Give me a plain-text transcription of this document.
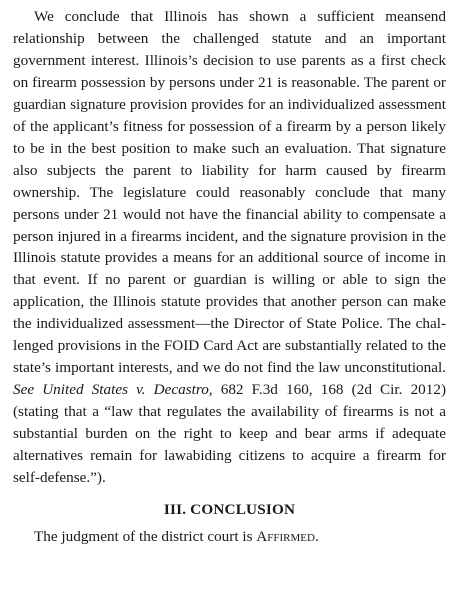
We conclude that Illinois has shown a sufficient meansend relationship between the challenged statute and an important government interest. Illinois’s decision to use parents as a first check on firearm possession by persons under 21 is reasonable. The parent or guardian signature provision provides for an individualized assessment of the applicant’s fitness for possession of a firearm by a person likely to be in the best position to make such an evaluation. That signature also subjects the parent to liability for harm caused by firearm ownership. The legislature could reasonably conclude that many persons under 21 would not have the financial ability to compensate a person injured in a firearms incident, and the signature provision in the Illinois statute provides a means for an additional source of income in that event. If no parent or guardian is willing or able to sign the application, the Illinois statute provides that another person can make the individualized assessment—the Director of State Police. The challenged provisions in the FOID Card Act are substantially related to the state’s important interests, and we do not find the law unconstitutional. See United States v. Decastro, 682 F.3d 160, 168 (2d Cir. 2012) (stating that a “law that regulates the availability of firearms is not a substantial burden on the right to keep and bear arms if adequate alternatives remain for lawabiding citizens to acquire a firearm for self-defense.”).

III. CONCLUSION

The judgment of the district court is Affirmed.
